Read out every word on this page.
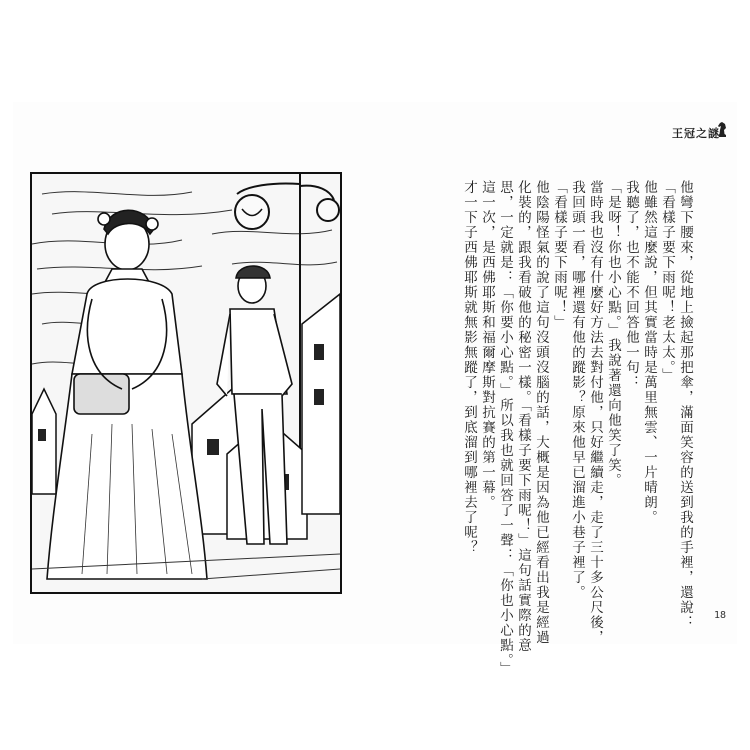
王冠之謎
他彎下腰來，從地上撿起那把傘，滿面笑容的送到我的手裡，還說：
「看樣子要下雨呢！老太太。」
他雖然這麼說，但其實當時是萬里無雲、一片晴朗。
我聽了，也不能不回答他一句：
「是呀！你也小心點。」我說著還向他笑了笑。
當時我也沒有什麼好方法去對付他，只好繼續走，走了三十多公尺後，
我回頭一看，哪裡還有他的蹤影？原來他早已溜進小巷子裡了。
「看樣子要下雨呢！」
他陰陽怪氣的說了這句沒頭沒腦的話，大概是因為他已經看出我是經過
化裝的，跟我看破他的秘密一樣。「看樣子要下雨呢！」這句話實際的意
思，一定就是：「你要小心點。」所以我也就回答了一聲：「你也小心點。」
這一次，是西佛耶斯和福爾摩斯對抗賽的第一幕。
才一下子西佛耶斯就無影無蹤了，到底溜到哪裡去了呢？
18
